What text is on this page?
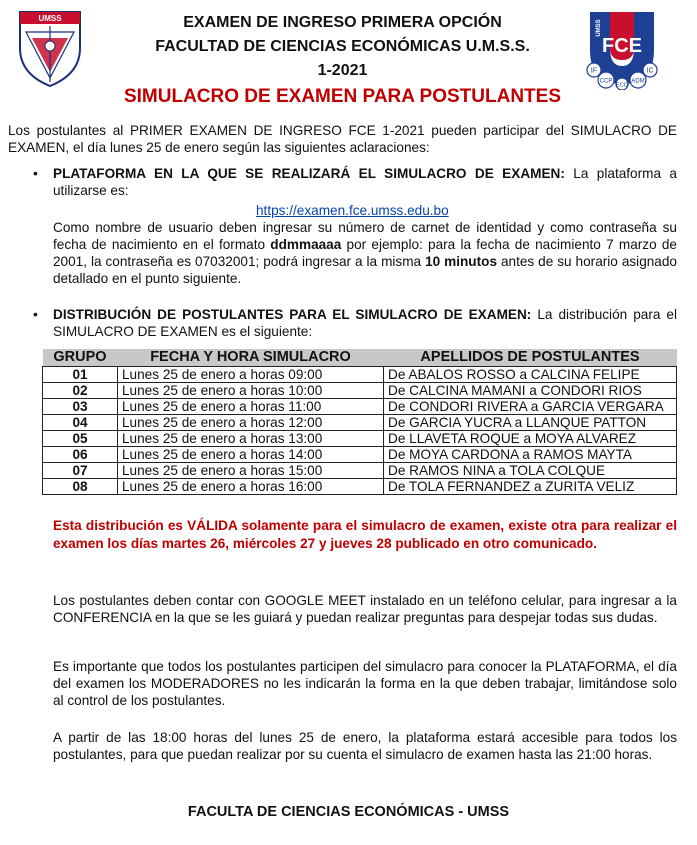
UMSS
FCE
UMSS
IF	IC
CCP	ADM
ECO
EXAMEN DE INGRESO PRIMERA OPCIÓN
FACULTAD DE CIENCIAS ECONÓMICAS U.M.S.S.
1-2021
SIMULACRO DE EXAMEN PARA POSTULANTES
Los postulantes al PRIMER EXAMEN DE INGRESO FCE 1-2021 pueden participar del SIMULACRO DE EXAMEN, el día lunes 25 de enero según las siguientes aclaraciones:
• PLATAFORMA EN LA QUE SE REALIZARÁ EL SIMULACRO DE EXAMEN: La plataforma a utilizarse es:
https://examen.fce.umss.edu.bo
Como nombre de usuario deben ingresar su número de carnet de identidad y como contraseña su fecha de nacimiento en el formato ddmmaaaa por ejemplo: para la fecha de nacimiento 7 marzo de 2001, la contraseña es 07032001; podrá ingresar a la misma 10 minutos antes de su horario asignado detallado en el punto siguiente.
• DISTRIBUCIÓN DE POSTULANTES PARA EL SIMULACRO DE EXAMEN: La distribución para el SIMULACRO DE EXAMEN es el siguiente:
GRUPO	FECHA Y HORA SIMULACRO	APELLIDOS DE POSTULANTES
01	Lunes 25 de enero a horas 09:00	De ABALOS ROSSO a CALCINA FELIPE
02	Lunes 25 de enero a horas 10:00	De CALCINA MAMANI a CONDORI RIOS
03	Lunes 25 de enero a horas 11:00	De CONDORI RIVERA a GARCIA VERGARA
04	Lunes 25 de enero a horas 12:00	De GARCIA YUCRA a LLANQUE PATTON
05	Lunes 25 de enero a horas 13:00	De LLAVETA ROQUE a MOYA ALVAREZ
06	Lunes 25 de enero a horas 14:00	De MOYA CARDONA a RAMOS MAYTA
07	Lunes 25 de enero a horas 15:00	De RAMOS NINA a TOLA COLQUE
08	Lunes 25 de enero a horas 16:00	De TOLA FERNANDEZ a ZURITA VELIZ
Esta distribución es VÁLIDA solamente para el simulacro de examen, existe otra para realizar el examen los días martes 26, miércoles 27 y jueves 28 publicado en otro comunicado.
Los postulantes deben contar con GOOGLE MEET instalado en un teléfono celular, para ingresar a la CONFERENCIA en la que se les guiará y puedan realizar preguntas para despejar todas sus dudas.
Es importante que todos los postulantes participen del simulacro para conocer la PLATAFORMA, el día del examen los MODERADORES no les indicarán la forma en la que deben trabajar, limitándose solo al control de los postulantes.
A partir de las 18:00 horas del lunes 25 de enero, la plataforma estará accesible para todos los postulantes, para que puedan realizar por su cuenta el simulacro de examen hasta las 21:00 horas.
FACULTA DE CIENCIAS ECONÓMICAS - UMSS
